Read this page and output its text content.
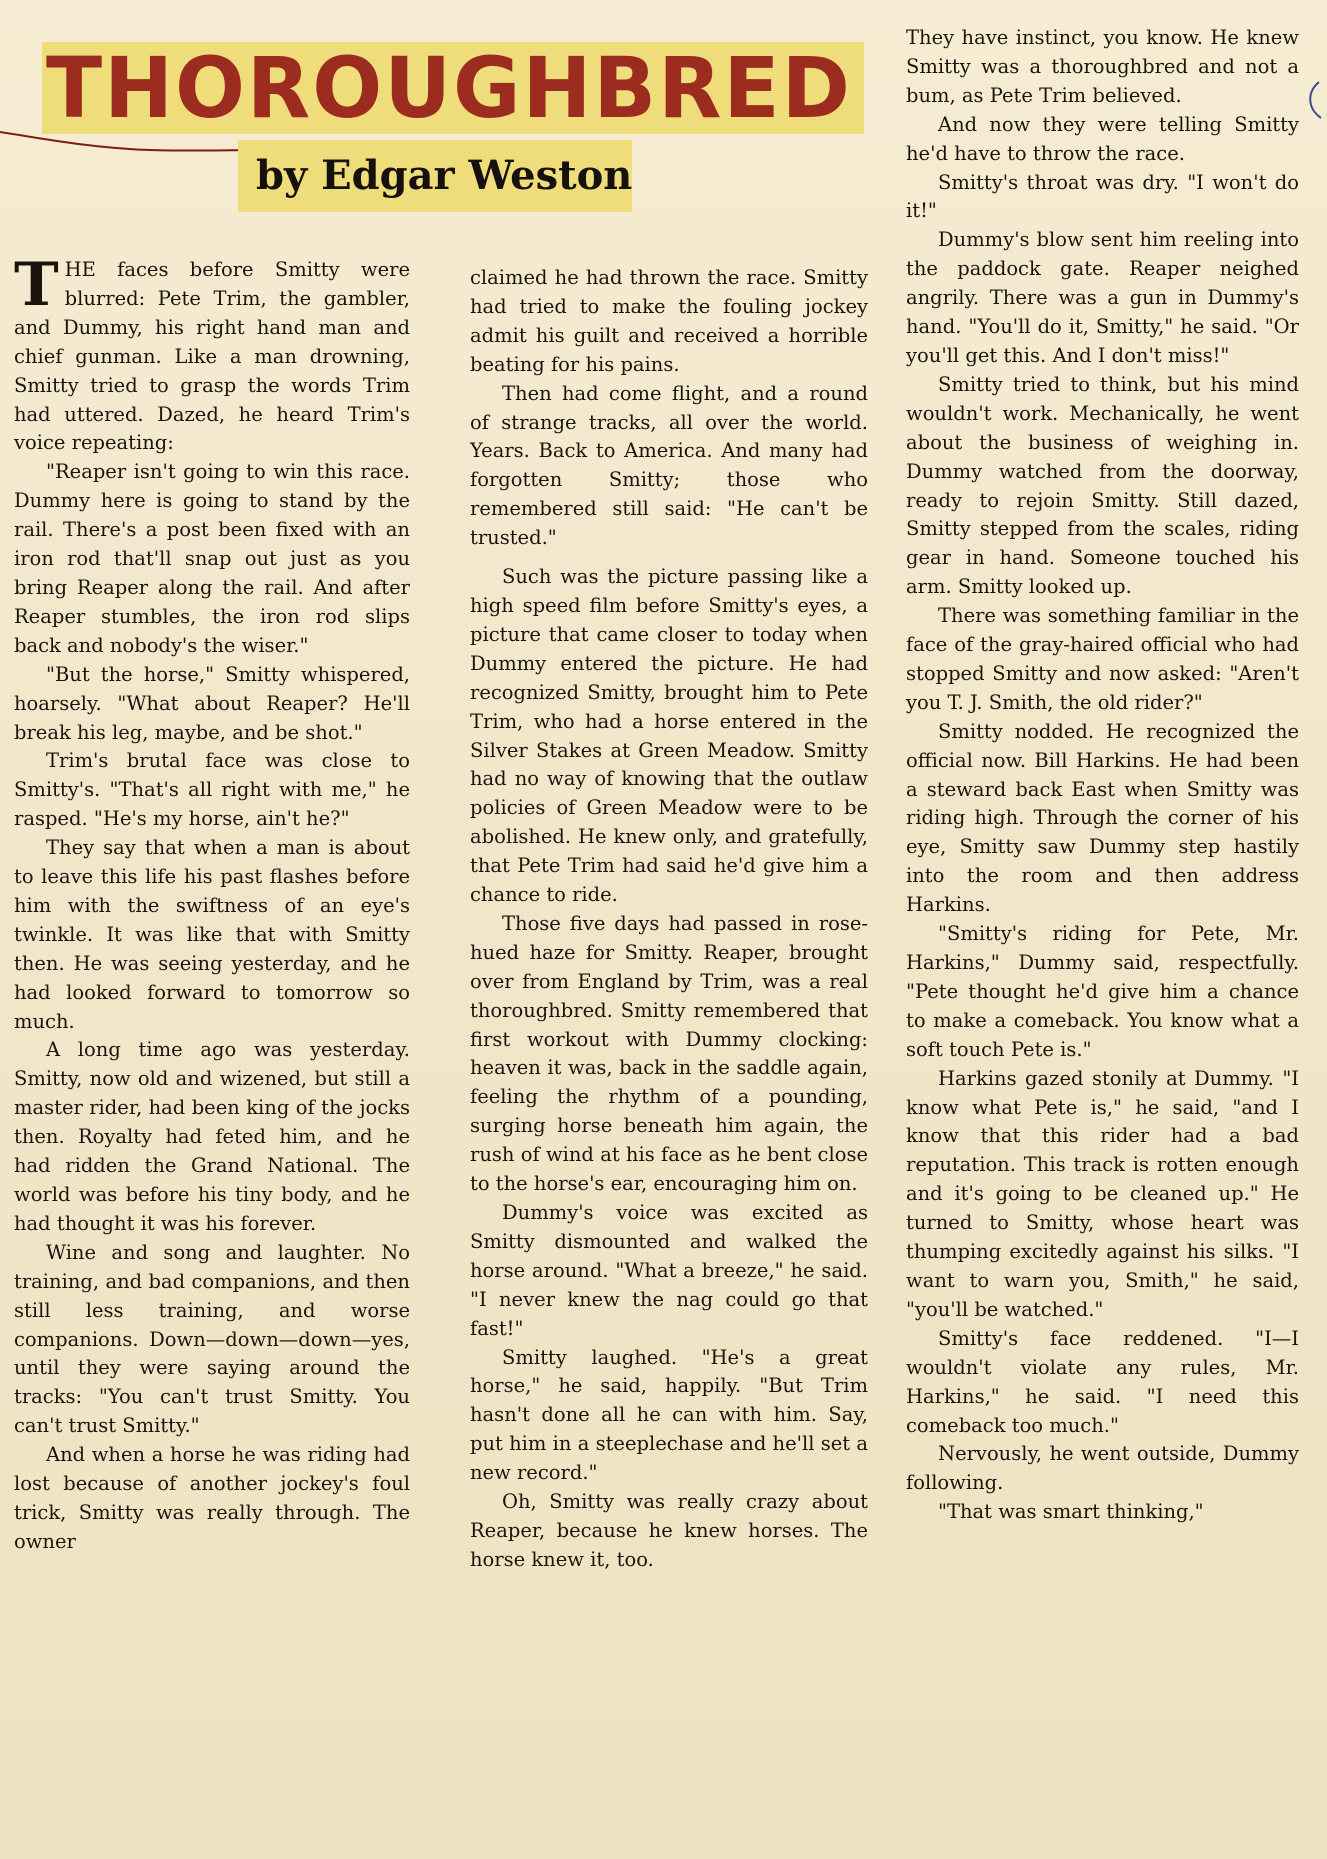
THOROUGHBRED
by Edgar Weston

THE faces before Smitty were blurred: Pete Trim, the gambler, and Dummy, his right hand man and chief gunman. Like a man drowning, Smitty tried to grasp the words Trim had uttered. Dazed, he heard Trim's voice repeating:

"Reaper isn't going to win this race. Dummy here is going to stand by the rail. There's a post been fixed with an iron rod that'll snap out just as you bring Reaper along the rail. And after Reaper stumbles, the iron rod slips back and nobody's the wiser."

"But the horse," Smitty whispered, hoarsely. "What about Reaper? He'll break his leg, maybe, and be shot."

Trim's brutal face was close to Smitty's. "That's all right with me," he rasped. "He's my horse, ain't he?"

They say that when a man is about to leave this life his past flashes before him with the swiftness of an eye's twinkle. It was like that with Smitty then. He was seeing yesterday, and he had looked forward to tomorrow so much.

A long time ago was yesterday. Smitty, now old and wizened, but still a master rider, had been king of the jocks then. Royalty had feted him, and he had ridden the Grand National. The world was before his tiny body, and he had thought it was his forever.

Wine and song and laughter. No training, and bad companions, and then still less training, and worse companions. Down—down—down—yes, until they were saying around the tracks: "You can't trust Smitty. You can't trust Smitty."

And when a horse he was riding had lost because of another jockey's foul trick, Smitty was really through. The owner

claimed he had thrown the race. Smitty had tried to make the fouling jockey admit his guilt and received a horrible beating for his pains.

Then had come flight, and a round of strange tracks, all over the world. Years. Back to America. And many had forgotten Smitty; those who remembered still said: "He can't be trusted."

Such was the picture passing like a high speed film before Smitty's eyes, a picture that came closer to today when Dummy entered the picture. He had recognized Smitty, brought him to Pete Trim, who had a horse entered in the Silver Stakes at Green Meadow. Smitty had no way of knowing that the outlaw policies of Green Meadow were to be abolished. He knew only, and gratefully, that Pete Trim had said he'd give him a chance to ride.

Those five days had passed in rose-hued haze for Smitty. Reaper, brought over from England by Trim, was a real thoroughbred. Smitty remembered that first workout with Dummy clocking: heaven it was, back in the saddle again, feeling the rhythm of a pounding, surging horse beneath him again, the rush of wind at his face as he bent close to the horse's ear, encouraging him on.

Dummy's voice was excited as Smitty dismounted and walked the horse around. "What a breeze," he said. "I never knew the nag could go that fast!"

Smitty laughed. "He's a great horse," he said, happily. "But Trim hasn't done all he can with him. Say, put him in a steeplechase and he'll set a new record."

Oh, Smitty was really crazy about Reaper, because he knew horses. The horse knew it, too.

They have instinct, you know. He knew Smitty was a thoroughbred and not a bum, as Pete Trim believed.

And now they were telling Smitty he'd have to throw the race.

Smitty's throat was dry. "I won't do it!"

Dummy's blow sent him reeling into the paddock gate. Reaper neighed angrily. There was a gun in Dummy's hand. "You'll do it, Smitty," he said. "Or you'll get this. And I don't miss!"

Smitty tried to think, but his mind wouldn't work. Mechanically, he went about the business of weighing in. Dummy watched from the doorway, ready to rejoin Smitty. Still dazed, Smitty stepped from the scales, riding gear in hand. Someone touched his arm. Smitty looked up.

There was something familiar in the face of the gray-haired official who had stopped Smitty and now asked: "Aren't you T. J. Smith, the old rider?"

Smitty nodded. He recognized the official now. Bill Harkins. He had been a steward back East when Smitty was riding high. Through the corner of his eye, Smitty saw Dummy step hastily into the room and then address Harkins.

"Smitty's riding for Pete, Mr. Harkins," Dummy said, respectfully. "Pete thought he'd give him a chance to make a comeback. You know what a soft touch Pete is."

Harkins gazed stonily at Dummy. "I know what Pete is," he said, "and I know that this rider had a bad reputation. This track is rotten enough and it's going to be cleaned up." He turned to Smitty, whose heart was thumping excitedly against his silks. "I want to warn you, Smith," he said, "you'll be watched."

Smitty's face reddened. "I—I wouldn't violate any rules, Mr. Harkins," he said. "I need this comeback too much."

Nervously, he went outside, Dummy following.

"That was smart thinking,"
